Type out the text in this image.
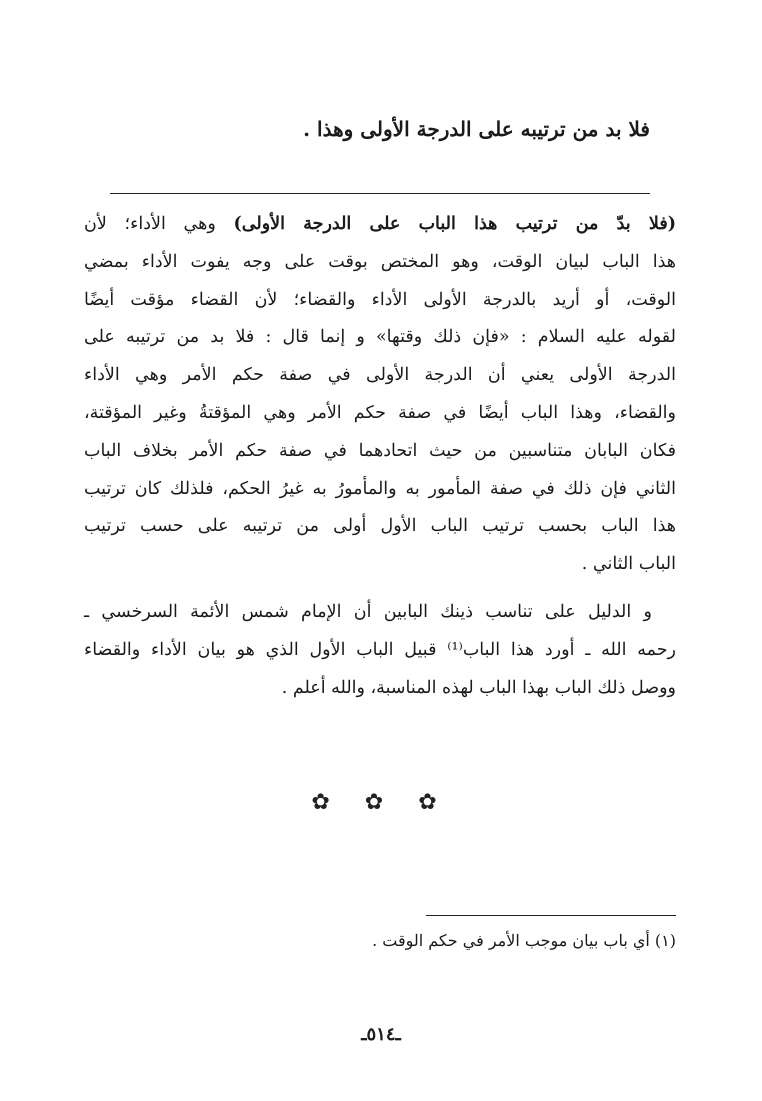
فلا بد من ترتيبه على الدرجة الأولى وهذا .
(فلا بدّ من ترتيب هذا الباب على الدرجة الأولى) وهي الأداء؛ لأن
هذا الباب لبيان الوقت، وهو المختص بوقت على وجه يفوت الأداء بمضي
الوقت، أو أريد بالدرجة الأولى الأداء والقضاء؛ لأن القضاء مؤقت أيضًا
لقوله عليه السلام : «فإن ذلك وقتها» و إنما قال : فلا بد من ترتيبه على
الدرجة الأولى يعني أن الدرجة الأولى في صفة حكم الأمر وهي الأداء
والقضاء، وهذا الباب أيضًا في صفة حكم الأمر وهي المؤقتةُ وغير المؤقتة،
فكان البابان متناسبين من حيث اتحادهما في صفة حكم الأمر بخلاف الباب
الثاني فإن ذلك في صفة المأمور به والمأمورُ به غيرُ الحكم، فلذلك كان ترتيب
هذا الباب بحسب ترتيب الباب الأول أولى من ترتيبه على حسب ترتيب
الباب الثاني .
و الدليل على تناسب ذينك البابين أن الإمام شمس الأئمة السرخسي ـ
رحمه الله ـ أورد هذا الباب⁽¹⁾ قبيل الباب الأول الذي هو بيان الأداء والقضاء
ووصل ذلك الباب بهذا الباب لهذه المناسبة، والله أعلم .
✿ ✿ ✿
(١) أي باب بيان موجب الأمر في حكم الوقت .
ـ٥١٤ـ
